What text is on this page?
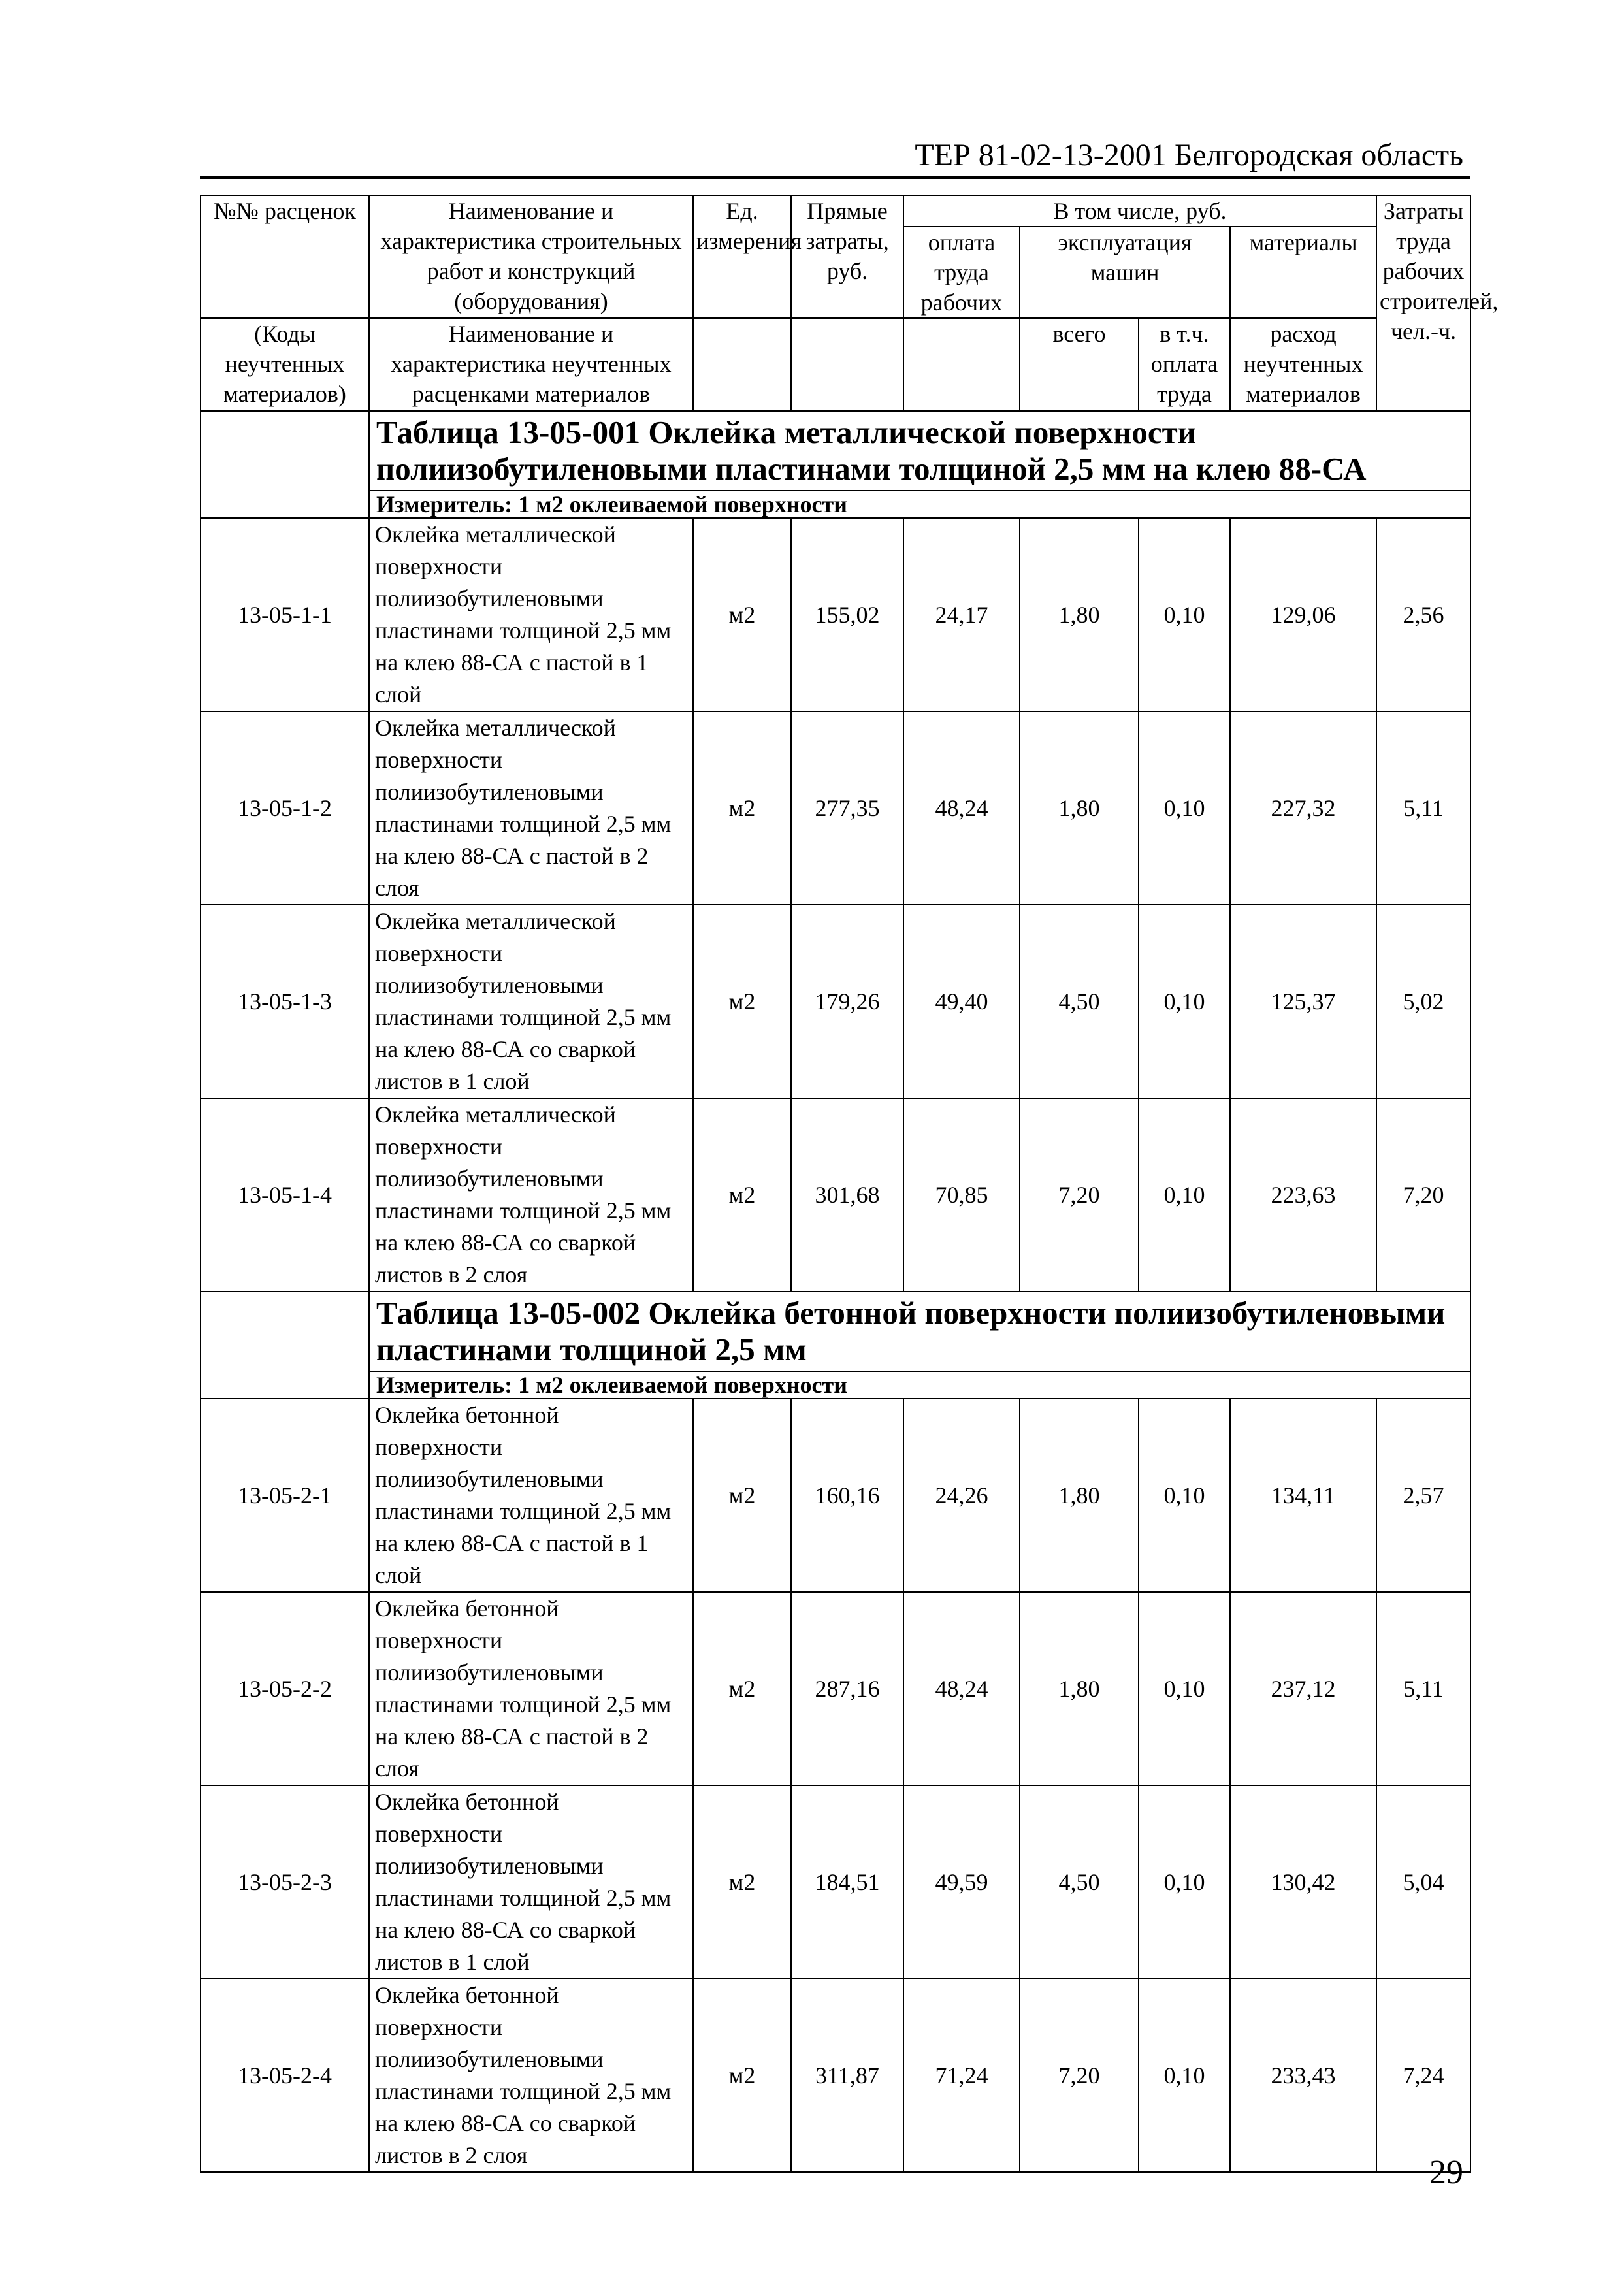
ТЕР 81-02-13-2001 Белгородская область
№№ расценок	Наименование и характеристика строительных работ и конструкций (оборудования)	Ед. измерения	Прямые затраты, руб.	В том числе, руб.				Затраты труда рабочих строителей, чел.-ч.
				оплата труда рабочих	эксплуатация машин		материалы	

(Коды неучтенных материалов)	Наименование и характеристика неучтенных расценками материалов				всего	в т.ч. оплата труда	расход неучтенных материалов	

	Таблица 13-05-001 Оклейка металлической поверхности полиизобутиленовыми пластинами толщиной 2,5 мм на клею 88-СА							
	Измеритель: 1 м2 оклеиваемой поверхности							
13-05-1-1	Оклейка металлической поверхности полиизобутиленовыми пластинами толщиной 2,5 мм на клею 88-СА с пастой в 1 слой	м2	155,02	24,17	1,80	0,10	129,06	2,56
13-05-1-2	Оклейка металлической поверхности полиизобутиленовыми пластинами толщиной 2,5 мм на клею 88-СА с пастой в 2 слоя	м2	277,35	48,24	1,80	0,10	227,32	5,11
13-05-1-3	Оклейка металлической поверхности полиизобутиленовыми пластинами толщиной 2,5 мм на клею 88-СА со сваркой листов в 1 слой	м2	179,26	49,40	4,50	0,10	125,37	5,02
13-05-1-4	Оклейка металлической поверхности полиизобутиленовыми пластинами толщиной 2,5 мм на клею 88-СА со сваркой листов в 2 слоя	м2	301,68	70,85	7,20	0,10	223,63	7,20
	Таблица 13-05-002 Оклейка бетонной поверхности полиизобутиленовыми пластинами толщиной 2,5 мм							
	Измеритель: 1 м2 оклеиваемой поверхности							
13-05-2-1	Оклейка бетонной поверхности полиизобутиленовыми пластинами толщиной 2,5 мм на клею 88-СА с пастой в 1 слой	м2	160,16	24,26	1,80	0,10	134,11	2,57
13-05-2-2	Оклейка бетонной поверхности полиизобутиленовыми пластинами толщиной 2,5 мм на клею 88-СА с пастой в 2 слоя	м2	287,16	48,24	1,80	0,10	237,12	5,11
13-05-2-3	Оклейка бетонной поверхности полиизобутиленовыми пластинами толщиной 2,5 мм на клею 88-СА со сваркой листов в 1 слой	м2	184,51	49,59	4,50	0,10	130,42	5,04
13-05-2-4	Оклейка бетонной поверхности полиизобутиленовыми пластинами толщиной 2,5 мм на клею 88-СА со сваркой листов в 2 слоя	м2	311,87	71,24	7,20	0,10	233,43	7,24
29
